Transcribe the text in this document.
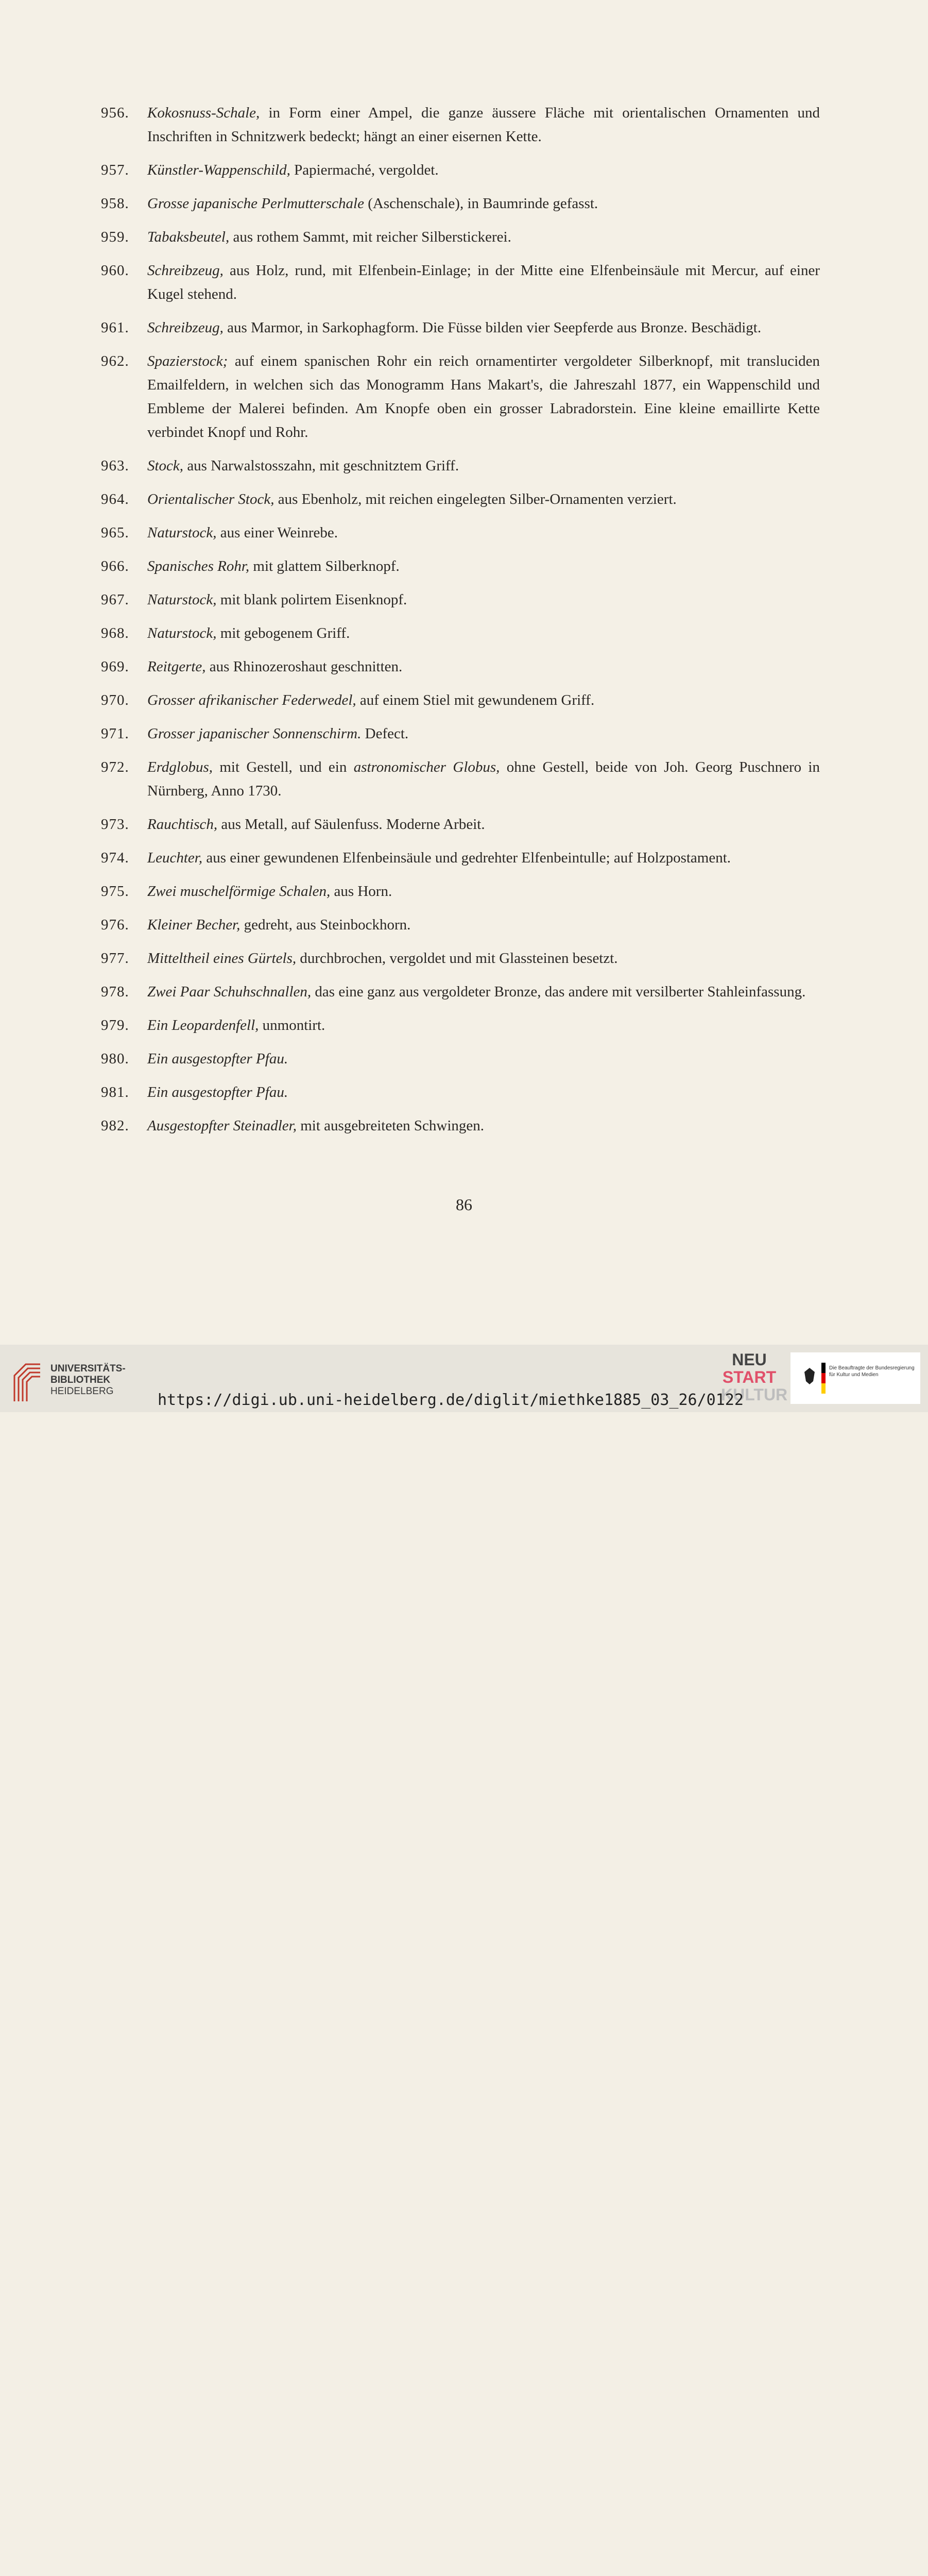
956.	Kokosnuss-Schale, in Form einer Ampel, die ganze äussere Fläche mit orientalischen Ornamenten und Inschriften in Schnitzwerk bedeckt; hängt an einer eisernen Kette.
957.	Künstler-Wappenschild, Papiermaché, vergoldet.
958.	Grosse japanische Perlmutterschale (Aschenschale), in Baumrinde gefasst.
959.	Tabaksbeutel, aus rothem Sammt, mit reicher Silberstickerei.
960.	Schreibzeug, aus Holz, rund, mit Elfenbein-Einlage; in der Mitte eine Elfenbeinsäule mit Mercur, auf einer Kugel stehend.
961.	Schreibzeug, aus Marmor, in Sarkophagform. Die Füsse bilden vier Seepferde aus Bronze. Beschädigt.
962.	Spazierstock; auf einem spanischen Rohr ein reich ornamentirter vergoldeter Silberknopf, mit transluciden Emailfeldern, in welchen sich das Monogramm Hans Makart's, die Jahreszahl 1877, ein Wappenschild und Embleme der Malerei befinden. Am Knopfe oben ein grosser Labradorstein. Eine kleine emaillirte Kette verbindet Knopf und Rohr.
963.	Stock, aus Narwalstosszahn, mit geschnitztem Griff.
964.	Orientalischer Stock, aus Ebenholz, mit reichen eingelegten Silber-Ornamenten verziert.
965.	Naturstock, aus einer Weinrebe.
966.	Spanisches Rohr, mit glattem Silberknopf.
967.	Naturstock, mit blank polirtem Eisenknopf.
968.	Naturstock, mit gebogenem Griff.
969.	Reitgerte, aus Rhinozeroshaut geschnitten.
970.	Grosser afrikanischer Federwedel, auf einem Stiel mit gewundenem Griff.
971.	Grosser japanischer Sonnenschirm. Defect.
972.	Erdglobus, mit Gestell, und ein astronomischer Globus, ohne Gestell, beide von Joh. Georg Puschnero in Nürnberg, Anno 1730.
973.	Rauchtisch, aus Metall, auf Säulenfuss. Moderne Arbeit.
974.	Leuchter, aus einer gewundenen Elfenbeinsäule und gedrehter Elfenbeintulle; auf Holzpostament.
975.	Zwei muschelförmige Schalen, aus Horn.
976.	Kleiner Becher, gedreht, aus Steinbockhorn.
977.	Mitteltheil eines Gürtels, durchbrochen, vergoldet und mit Glassteinen besetzt.
978.	Zwei Paar Schuhschnallen, das eine ganz aus vergoldeter Bronze, das andere mit versilberter Stahleinfassung.
979.	Ein Leopardenfell, unmontirt.
980.	Ein ausgestopfter Pfau.
981.	Ein ausgestopfter Pfau.
982.	Ausgestopfter Steinadler, mit ausgebreiteten Schwingen.
86
UNIVERSITÄTS-
BIBLIOTHEK
HEIDELBERG
NEU
START
KULTUR
Die Beauftragte der Bundesregierung für Kultur und Medien
https://digi.ub.uni-heidelberg.de/diglit/miethke1885_03_26/0122
